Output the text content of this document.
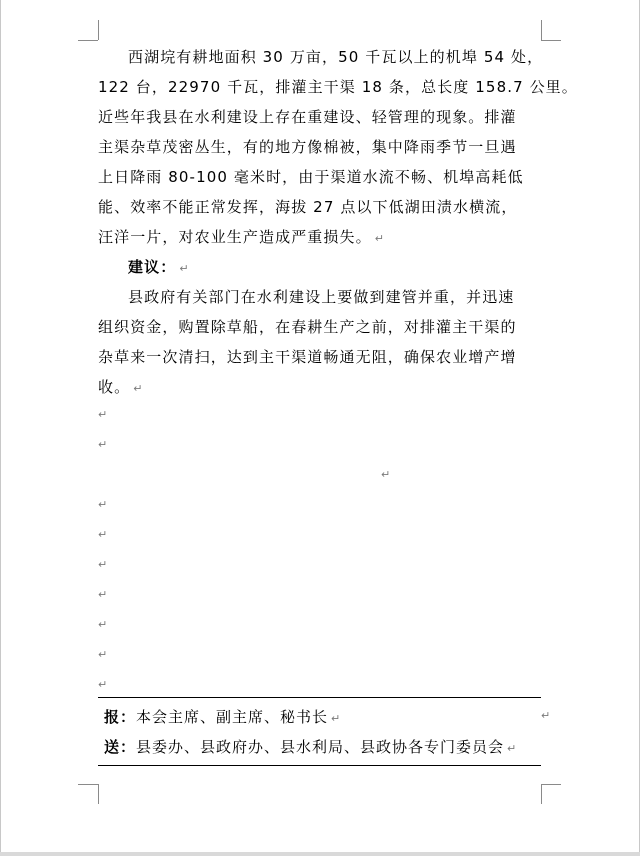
西湖垸有耕地面积 30 万亩，50 千瓦以上的机埠 54 处，
122 台，22970 千瓦，排灌主干渠 18 条，总长度 158.7 公里。
近些年我县在水利建设上存在重建设、轻管理的现象。排灌
主渠杂草茂密丛生，有的地方像棉被，集中降雨季节一旦遇
上日降雨 80-100 毫米时，由于渠道水流不畅、机埠高耗低
能、效率不能正常发挥，海拔 27 点以下低湖田渍水横流，
汪洋一片，对农业生产造成严重损失。 ↵
建议： ↵
县政府有关部门在水利建设上要做到建管并重，并迅速
组织资金，购置除草船，在春耕生产之前，对排灌主干渠的
杂草来一次清扫，达到主干渠道畅通无阻，确保农业增产增
收。 ↵
↵
↵
↵
↵
↵
↵
↵
↵
↵
↵
报：本会主席、副主席、秘书长 ↵	↵
送：县委办、县政府办、县水利局、县政协各专门委员会 ↵
